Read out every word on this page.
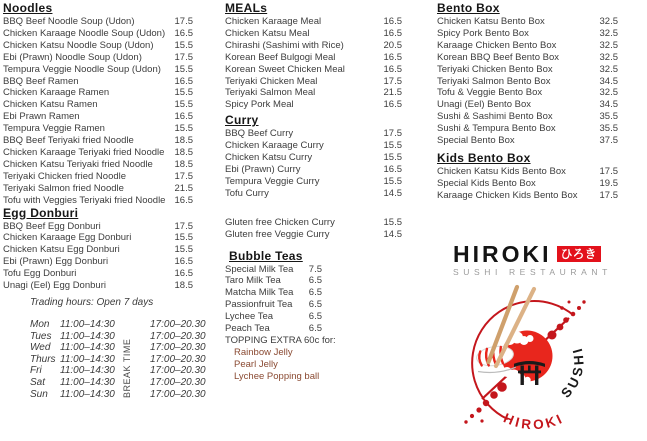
Noodles
BBQ Beef Noodle Soup (Udon)	17.5
Chicken Karaage Noodle Soup (Udon) 16.5
Chicken Katsu Noodle Soup (Udon) 15.5
Ebi (Prawn) Noodle Soup (Udon)	17.5
Tempura Veggie Noodle Soup (Udon) 15.5
BBQ Beef Ramen	16.5
Chicken Karaage Ramen	15.5
Chicken Katsu Ramen	15.5
Ebi Prawn Ramen	16.5
Tempura Veggie Ramen	15.5
BBQ Beef Teriyaki fried Noodle	18.5
Chicken Karaage Teriyaki fried Noodle 18.5
Chicken Katsu Teriyaki fried Noodle 18.5
Teriyaki Chicken fried Noodle	17.5
Teriyaki Salmon fried Noodle	21.5
Tofu with Veggies Teriyaki fried Noodle 16.5
Egg Donburi
BBQ Beef Egg Donburi	17.5
Chicken Karaage Egg Donburi	15.5
Chicken Katsu Egg Donburi	15.5
Ebi (Prawn) Egg Donburi	16.5
Tofu Egg Donburi	16.5
Unagi (Eel) Egg Donburi	18.5
MEALs
Chicken Karaage Meal	16.5
Chicken Katsu Meal	16.5
Chirashi (Sashimi with Rice)	20.5
Korean Beef Bulgogi Meal	16.5
Korean Sweet Chicken Meal	16.5
Teriyaki Chicken Meal	17.5
Teriyaki Salmon Meal	21.5
Spicy Pork Meal	16.5
Curry
BBQ Beef Curry	17.5
Chicken Karaage Curry	15.5
Chicken Katsu Curry	15.5
Ebi (Prawn) Curry	16.5
Tempura Veggie Curry	15.5
Tofu Curry	14.5
Gluten free Chicken Curry	15.5
Gluten free Veggie Curry	14.5
Bubble Teas
Special Milk Tea 7.5
Taro Milk Tea	6.5
Matcha Milk Tea 6.5
Passionfruit Tea 6.5
Lychee Tea	6.5
Peach Tea	6.5
TOPPING EXTRA 60c for:
Rainbow Jelly
Pearl Jelly
Lychee Popping ball
Bento Box
Chicken Katsu Bento Box	32.5
Spicy Pork Bento Box	32.5
Karaage Chicken Bento Box	32.5
Korean BBQ Beef Bento Box	32.5
Teriyaki Chicken Bento Box	32.5
Teriyaki Salmon Bento Box	34.5
Tofu & Veggie Bento Box	32.5
Unagi (Eel) Bento Box	34.5
Sushi & Sashimi Bento Box	35.5
Sushi & Tempura Bento Box	35.5
Special Bento Box	37.5
Kids Bento Box
Chicken Katsu Kids Bento Box	17.5
Special Kids Bento Box	19.5
Karaage Chicken Kids Bento Box 17.5
Trading hours: Open 7 days
Mon	11:00–14:30	17:00–20.30
Tues 11:00–14:30	17:00–20.30
Wed 11:00–14:30	17:00–20.30
Thurs 11:00–14:30	17:00–20.30
Fri	11:00–14:30	17:00–20.30
Sat	11:00–14:30	17:00–20.30
Sun	11:00–14:30	17:00–20.30
BREAK TIME
HIROKI ひろき
SUSHI RESTAURANT
HIROKI
SUSHI
